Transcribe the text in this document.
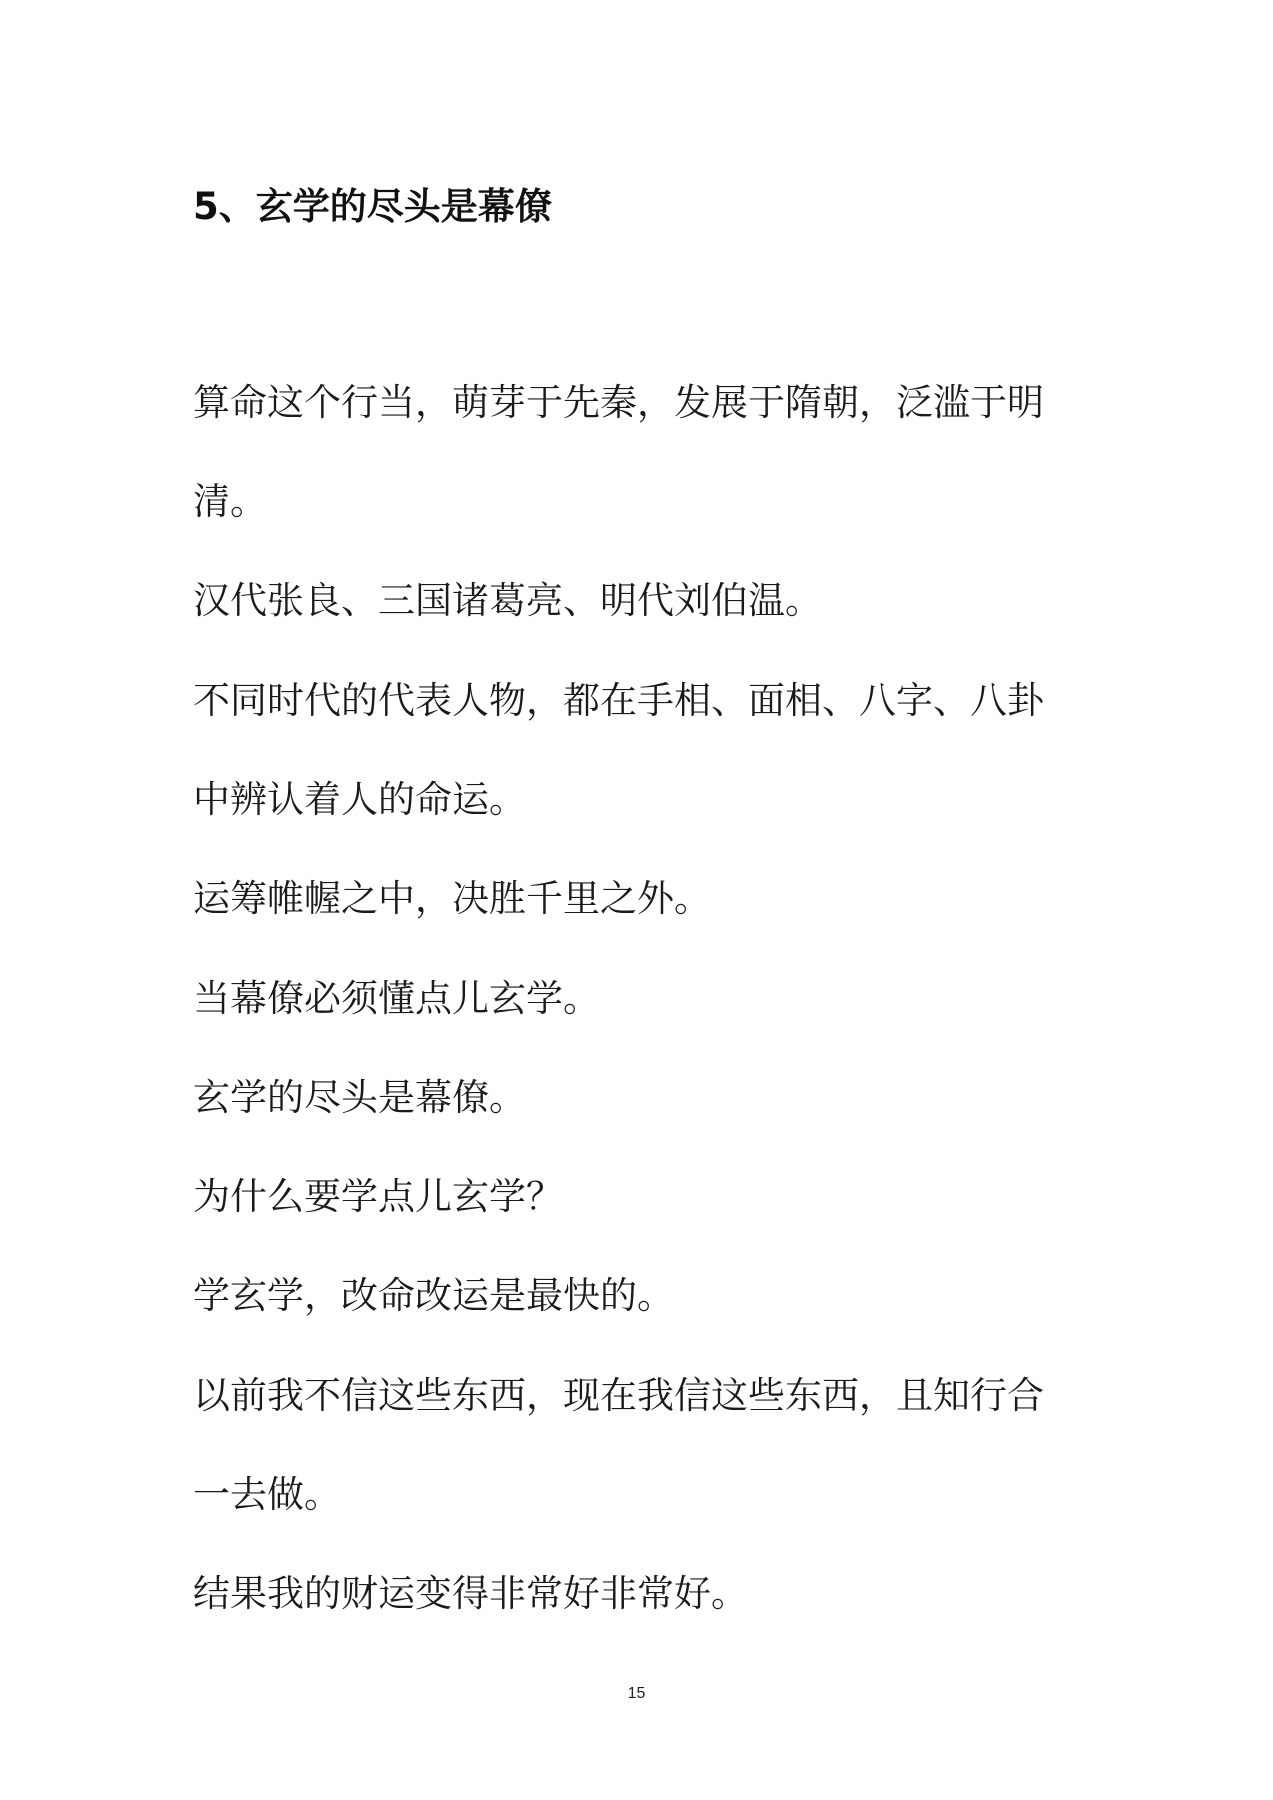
5、玄学的尽头是幕僚
算命这个行当，萌芽于先秦，发展于隋朝，泛滥于明
清。
汉代张良、三国诸葛亮、明代刘伯温。
不同时代的代表人物，都在手相、面相、八字、八卦
中辨认着人的命运。
运筹帷幄之中，决胜千里之外。
当幕僚必须懂点儿玄学。
玄学的尽头是幕僚。
为什么要学点儿玄学？
学玄学，改命改运是最快的。
以前我不信这些东西，现在我信这些东西，且知行合
一去做。
结果我的财运变得非常好非常好。
15
